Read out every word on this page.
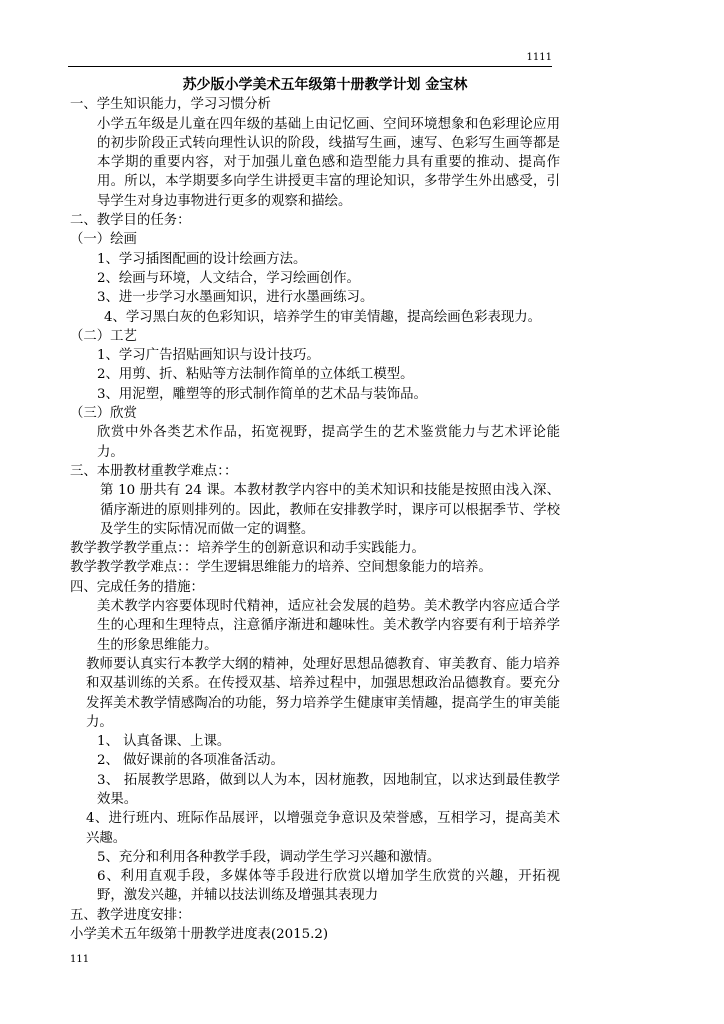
1111
苏少版小学美术五年级第十册教学计划 金宝林
一、学生知识能力，学习习惯分析
小学五年级是儿童在四年级的基础上由记忆画、空间环境想象和色彩理论应用的初步阶段正式转向理性认识的阶段，线描写生画，速写、色彩写生画等都是本学期的重要内容，对于加强儿童色感和造型能力具有重要的推动、提高作用。所以，本学期要多向学生讲授更丰富的理论知识，多带学生外出感受，引导学生对身边事物进行更多的观察和描绘。
二、教学目的任务：
（一）绘画
1、学习插图配画的设计绘画方法。
2、绘画与环境，人文结合，学习绘画创作。
3、进一步学习水墨画知识，进行水墨画练习。
4、学习黑白灰的色彩知识，培养学生的审美情趣，提高绘画色彩表现力。
（二）工艺
1、学习广告招贴画知识与设计技巧。
2、用剪、折、粘贴等方法制作简单的立体纸工模型。
3、用泥塑，雕塑等的形式制作简单的艺术品与装饰品。
（三）欣赏
欣赏中外各类艺术作品，拓宽视野，提高学生的艺术鉴赏能力与艺术评论能力。
三、本册教材重教学难点：：
第 10 册共有 24 课。本教材教学内容中的美术知识和技能是按照由浅入深、循序渐进的原则排列的。因此，教师在安排教学时，课序可以根据季节、学校及学生的实际情况而做一定的调整。
教学教学教学重点：：培养学生的创新意识和动手实践能力。
教学教学教学难点：：学生逻辑思维能力的培养、空间想象能力的培养。
四、完成任务的措施：
美术教学内容要体现时代精神，适应社会发展的趋势。美术教学内容应适合学生的心理和生理特点，注意循序渐进和趣味性。美术教学内容要有利于培养学生的形象思维能力。
教师要认真实行本教学大纲的精神，处理好思想品德教育、审美教育、能力培养和双基训练的关系。在传授双基、培养过程中，加强思想政治品德教育。要充分发挥美术教学情感陶冶的功能，努力培养学生健康审美情趣，提高学生的审美能力。
1、 认真备课、上课。
2、 做好课前的各项准备活动。
3、 拓展教学思路，做到以人为本，因材施教，因地制宜，以求达到最佳教学效果。
4、进行班内、班际作品展评，以增强竞争意识及荣誉感，互相学习，提高美术兴趣。
5、充分和利用各种教学手段，调动学生学习兴趣和激情。
6、利用直观手段，多媒体等手段进行欣赏以增加学生欣赏的兴趣，开拓视野，激发兴趣，并辅以技法训练及增强其表现力
五、教学进度安排：
小学美术五年级第十册教学进度表(2015.2)
111
